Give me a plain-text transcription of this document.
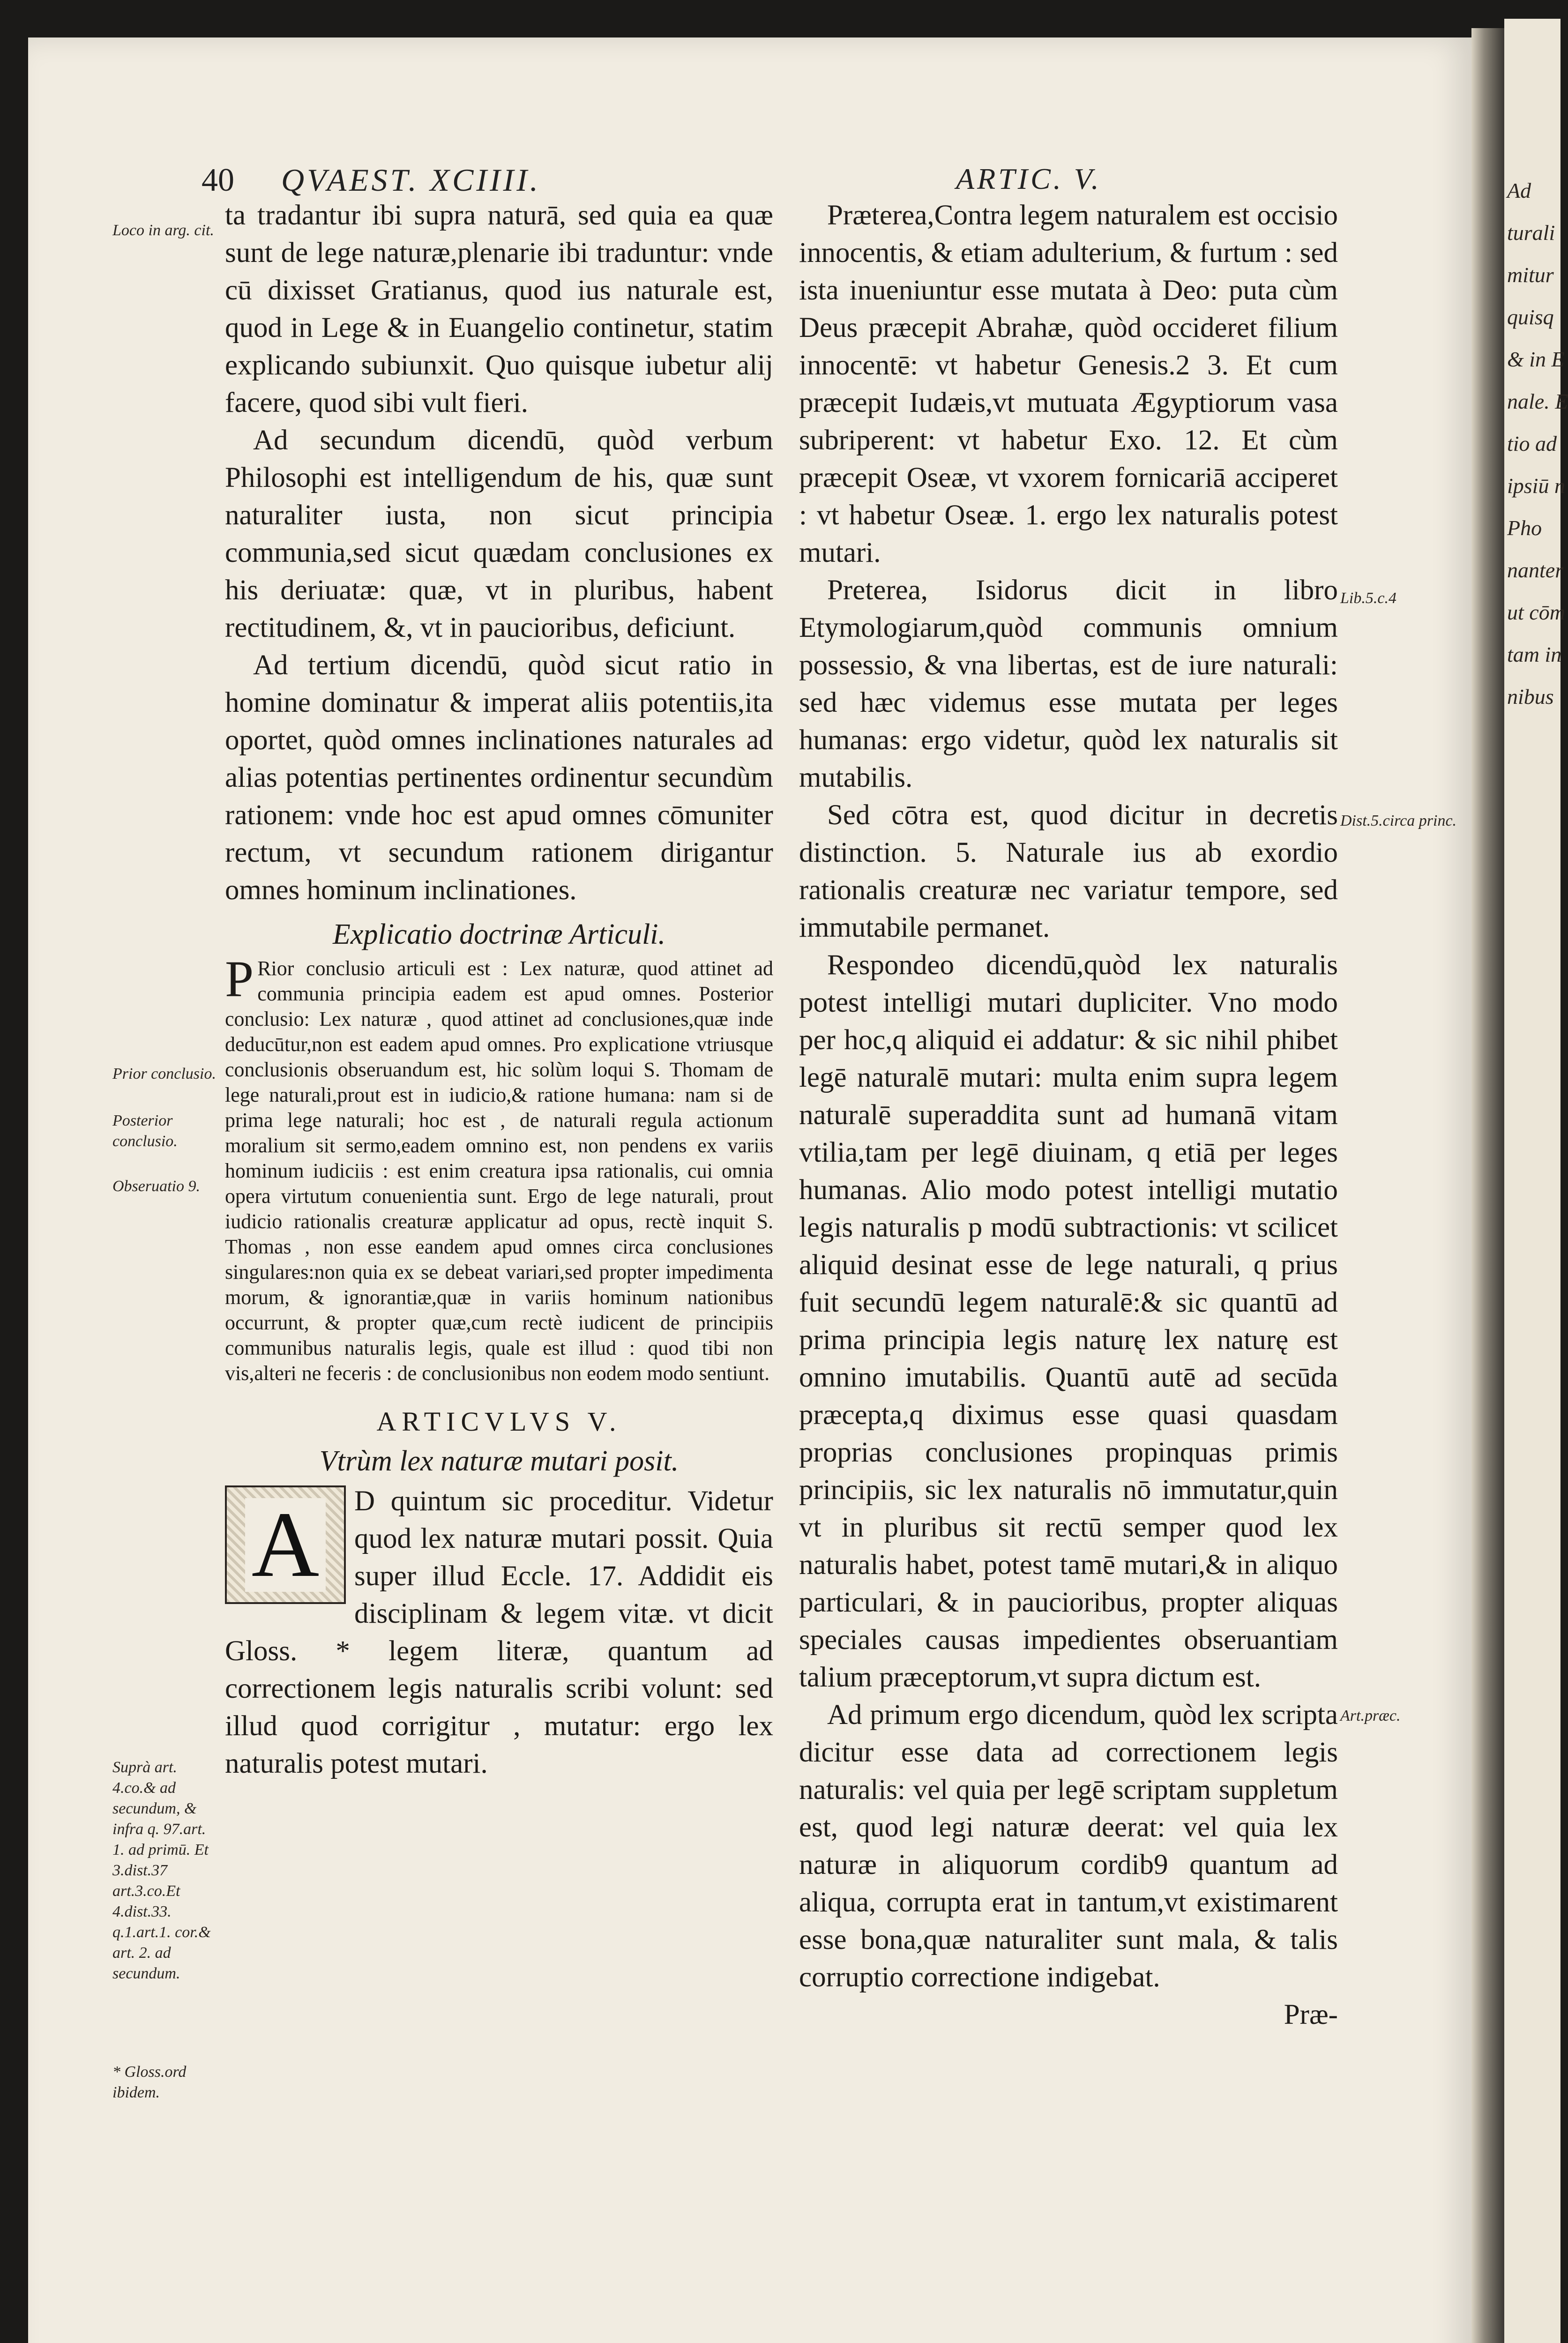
Ad
turali
mitur
quisq
& in E
nale. E
tio ad
ipsiū n
Pho
nanter
ut cōm
tam in
nibus
40 QVAEST. XCIIII.	ARTIC. V.

ta tradantur ibi supra naturā, sed quia ea quæ sunt de lege naturæ,plenarie ibi traduntur: vnde cū dixisset Gratianus, quod ius naturale est, quod in Lege & in Euangelio continetur, statim explicando subiunxit. Quo quisque iubetur alij facere, quod sibi vult fieri.

Ad secundum dicendū, quòd verbum Philosophi est intelligendum de his, quæ sunt naturaliter iusta, non sicut principia communia,sed sicut quædam conclusiones ex his deriuatæ: quæ, vt in pluribus, habent rectitudinem, &, vt in paucioribus, deficiunt.

Ad tertium dicendū, quòd sicut ratio in homine dominatur & imperat aliis potentiis,ita oportet, quòd omnes inclinationes naturales ad alias potentias pertinentes ordinentur secundùm rationem: vnde hoc est apud omnes cōmuniter rectum, vt secundum rationem dirigantur omnes hominum inclinationes.

Explicatio doctrinæ Articuli.

P Rior conclusio articuli est : Lex naturæ, quod attinet ad communia principia eadem est apud omnes. Posterior conclusio: Lex naturæ , quod attinet ad conclusiones,quæ inde deducūtur,non est eadem apud omnes. Pro explicatione vtriusque conclusionis obseruandum est, hic solùm loqui S. Thomam de lege naturali,prout est in iudicio,& ratione humana: nam si de prima lege naturali; hoc est , de naturali regula actionum moralium sit sermo,eadem omnino est, non pendens ex variis hominum iudiciis : est enim creatura ipsa rationalis, cui omnia opera virtutum conuenientia sunt. Ergo de lege naturali, prout iudicio rationalis creaturæ applicatur ad opus, rectè inquit S. Thomas , non esse eandem apud omnes circa conclusiones singulares:non quia ex se debeat variari,sed propter impedimenta morum, & ignorantiæ,quæ in variis hominum nationibus occurrunt, & propter quæ,cum rectè iudicent de principiis communibus naturalis legis, quale est illud : quod tibi non vis,alteri ne feceris : de conclusionibus non eodem modo sentiunt.

ARTICVLVS V.

Vtrùm lex naturæ mutari posit.

A	D quintum sic proceditur. Videtur quod lex naturæ mutari possit. Quia super illud Eccle. 17. Addidit eis disciplinam & legem vitæ. vt dicit Gloss. * legem literæ, quantum ad correctionem legis naturalis scribi volunt: sed illud quod corrigitur , mutatur: ergo lex naturalis potest mutari.

Præterea,Contra legem naturalem est occisio innocentis, & etiam adulterium, & furtum : sed ista inueniuntur esse mutata à Deo: puta cùm Deus præcepit Abrahæ, quòd occideret filium innocentē: vt habetur Genesis.2 3. Et cum præcepit Iudæis,vt mutuata Ægyptiorum vasa subriperent: vt habetur Exo. 12. Et cùm præcepit Oseæ, vt vxorem fornicariā acciperet : vt habetur Oseæ. 1. ergo lex naturalis potest mutari.

Preterea, Isidorus dicit in libro Etymologiarum,quòd communis omnium possessio, & vna libertas, est de iure naturali: sed hæc videmus esse mutata per leges humanas: ergo videtur, quòd lex naturalis sit mutabilis.

Sed cōtra est, quod dicitur in decretis distinction. 5. Naturale ius ab exordio rationalis creaturæ nec variatur tempore, sed immutabile permanet.

Respondeo dicendū,quòd lex naturalis potest intelligi mutari dupliciter. Vno modo per hoc,q aliquid ei addatur: & sic nihil phibet legē naturalē mutari: multa enim supra legem naturalē superaddita sunt ad humanā vitam vtilia,tam per legē diuinam, q etiā per leges humanas. Alio modo potest intelligi mutatio legis naturalis p modū subtractionis: vt scilicet aliquid desinat esse de lege naturali, q prius fuit secundū legem naturalē:& sic quantū ad prima principia legis naturę lex naturę est omnino imutabilis. Quantū autē ad secūda præcepta,q diximus esse quasi quasdam proprias conclusiones propinquas primis principiis, sic lex naturalis nō immutatur,quin vt in pluribus sit rectū semper quod lex naturalis habet, potest tamē mutari,& in aliquo particulari, & in paucioribus, propter aliquas speciales causas impedientes obseruantiam talium præceptorum,vt supra dictum est.

Ad primum ergo dicendum, quòd lex scripta dicitur esse data ad correctionem legis naturalis: vel quia per legē scriptam suppletum est, quod legi naturæ deerat: vel quia lex naturæ in aliquorum cordib9 quantum ad aliqua, corrupta erat in tantum,vt existimarent esse bona,quæ naturaliter sunt mala, & talis corruptio correctione indigebat.

Præ-

Loco in arg. cit.
Prior conclusio.
Posterior conclusio.
Obseruatio 9.
Suprà art. 4.co.& ad secundum, & infra q. 97.art. 1. ad primū. Et 3.dist.37 art.3.co.Et 4.dist.33. q.1.art.1. cor.& art. 2. ad secundum.
* Gloss.ord ibidem.
Lib.5.c.4
Dist.5.circa princ.
Art.præc.
